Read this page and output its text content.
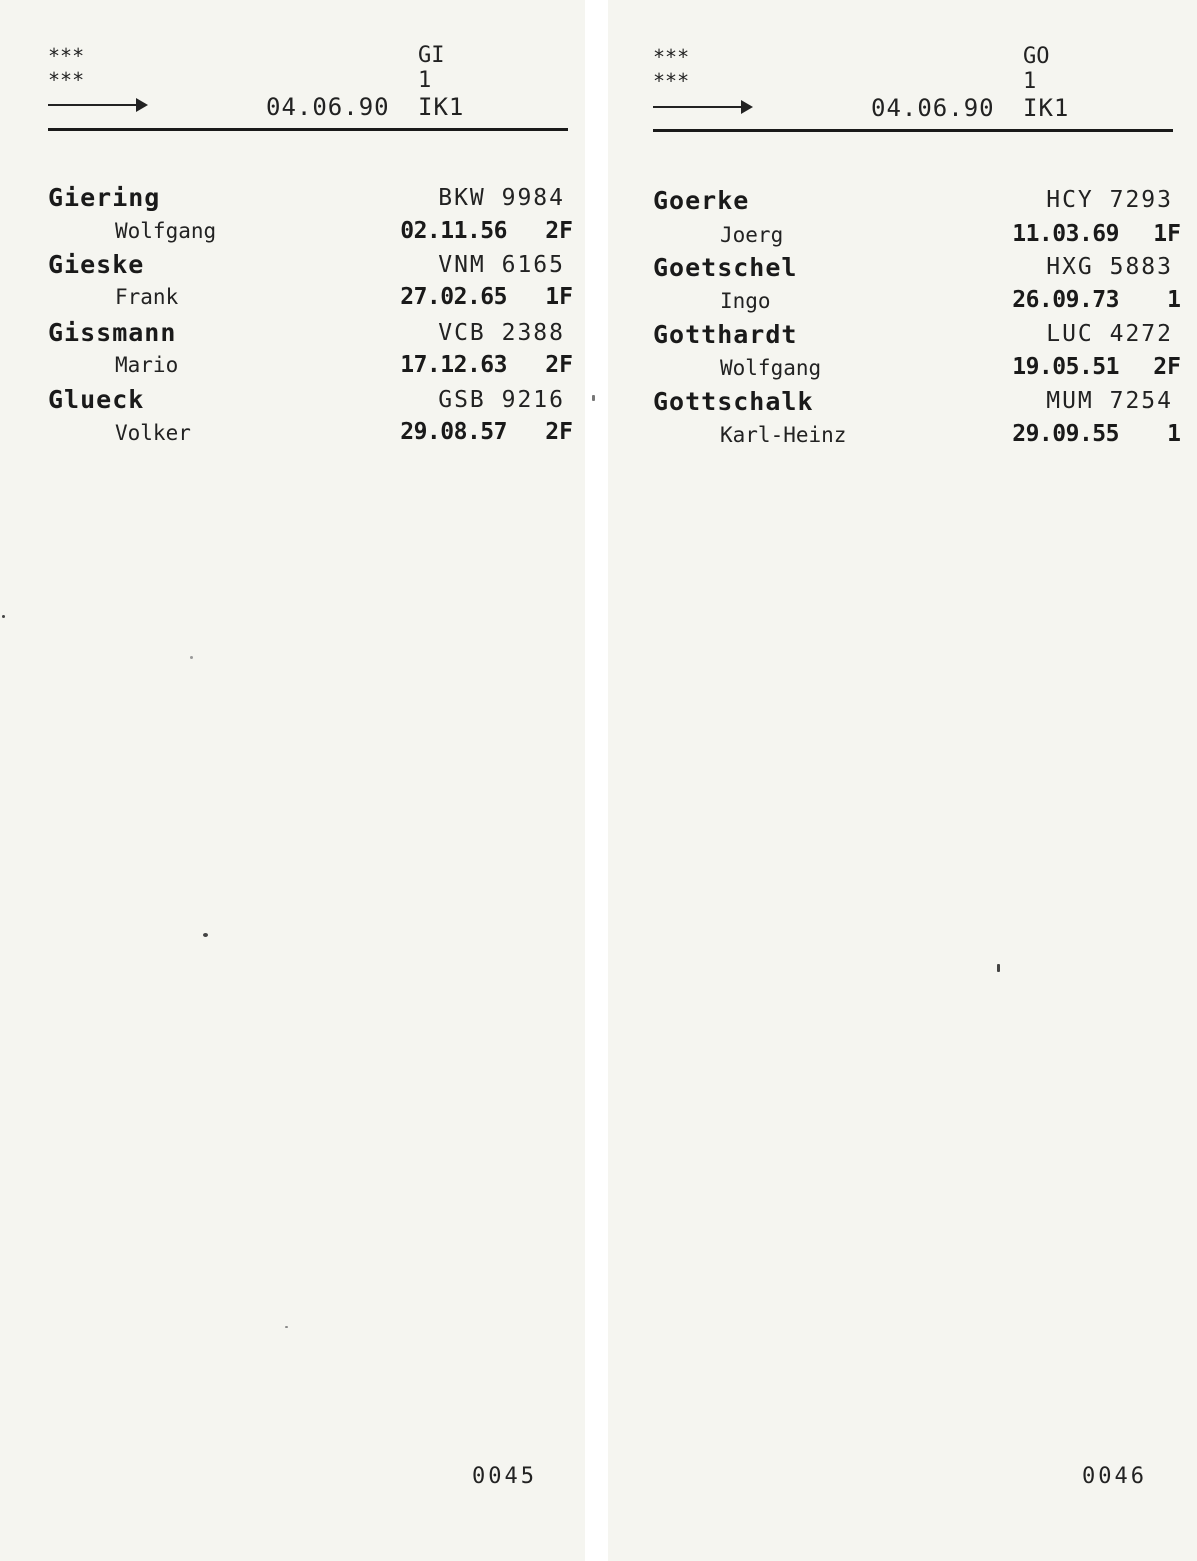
***
***
GI
1
04.06.90 IK1
Giering	BKW 9984
Wolfgang	02.11.56 2F
Gieske	VNM 6165
Frank	27.02.65 1F
Gissmann	VCB 2388
Mario	17.12.63 2F
Glueck	GSB 9216
Volker	29.08.57 2F
0045
***
***
GO
1
04.06.90 IK1
Goerke	HCY 7293
Joerg	11.03.69 1F
Goetschel	HXG 5883
Ingo	26.09.73 1
Gotthardt	LUC 4272
Wolfgang	19.05.51 2F
Gottschalk	MUM 7254
Karl-Heinz	29.09.55 1
0046
